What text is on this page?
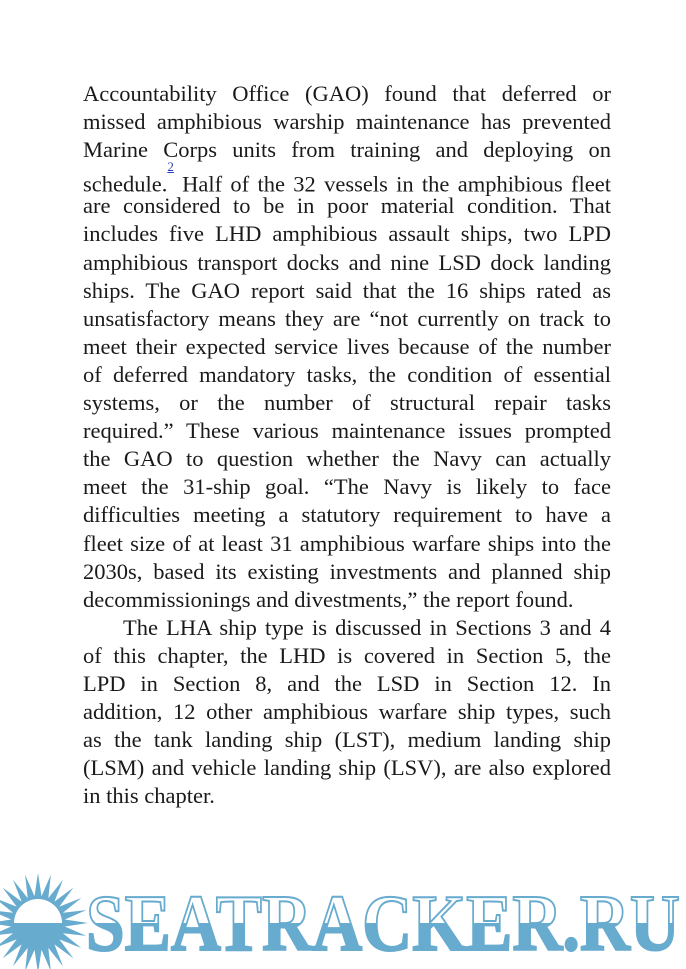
Accountability Office (GAO) found that deferred or
missed amphibious warship maintenance has prevented
Marine Corps units from training and deploying on
schedule.$^{^2}$ Half of the 32 vessels in the amphibious fleet
are considered to be in poor material condition. That
includes five LHD amphibious assault ships, two LPD
amphibious transport docks and nine LSD dock landing
ships. The GAO report said that the 16 ships rated as
unsatisfactory means they are “not currently on track to
meet their expected service lives because of the number
of deferred mandatory tasks, the condition of essential
systems, or the number of structural repair tasks
required.” These various maintenance issues prompted
the GAO to question whether the Navy can actually
meet the 31-ship goal. “The Navy is likely to face
difficulties meeting a statutory requirement to have a
fleet size of at least 31 amphibious warfare ships into the
2030s, based its existing investments and planned ship
decommissionings and divestments,” the report found.
The LHA ship type is discussed in Sections 3 and 4
of this chapter, the LHD is covered in Section 5, the
LPD in Section 8, and the LSD in Section 12. In
addition, 12 other amphibious warfare ship types, such
as the tank landing ship (LST), medium landing ship
(LSM) and vehicle landing ship (LSV), are also explored
in this chapter.
SEATRACKER.RU
